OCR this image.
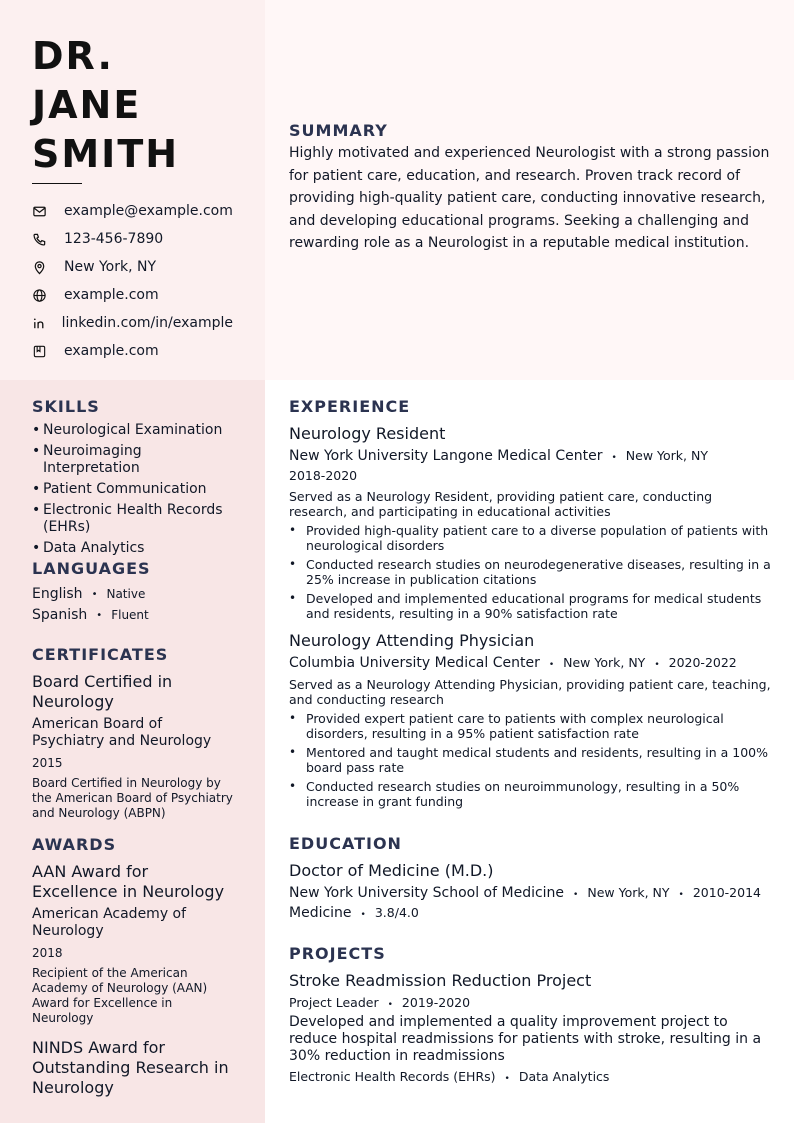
DR.
JANE
SMITH
example@example.com
123-456-7890
New York, NY
example.com
linkedin.com/in/example
example.com
SUMMARY

Highly motivated and experienced Neurologist with a strong passion for patient care, education, and research. Proven track record of providing high-quality patient care, conducting innovative research, and developing educational programs. Seeking a challenging and rewarding role as a Neurologist in a reputable medical institution.

SKILLS
• Neurological Examination
• Neuroimaging Interpretation
• Patient Communication
• Electronic Health Records (EHRs)
• Data Analytics
LANGUAGES
English • Native
Spanish • Fluent
CERTIFICATES
Board Certified in Neurology
American Board of Psychiatry and Neurology
2015
Board Certified in Neurology by the American Board of Psychiatry and Neurology (ABPN)
AWARDS
AAN Award for Excellence in Neurology
American Academy of Neurology
2018
Recipient of the American Academy of Neurology (AAN) Award for Excellence in Neurology
NINDS Award for Outstanding Research in Neurology
EXPERIENCE
Neurology Resident
New York University Langone Medical Center • New York, NY
2018-2020
Served as a Neurology Resident, providing patient care, conducting research, and participating in educational activities
• Provided high-quality patient care to a diverse population of patients with neurological disorders
• Conducted research studies on neurodegenerative diseases, resulting in a 25% increase in publication citations
• Developed and implemented educational programs for medical students and residents, resulting in a 90% satisfaction rate
Neurology Attending Physician
Columbia University Medical Center • New York, NY • 2020-2022
Served as a Neurology Attending Physician, providing patient care, teaching, and conducting research
• Provided expert patient care to patients with complex neurological disorders, resulting in a 95% patient satisfaction rate
• Mentored and taught medical students and residents, resulting in a 100% board pass rate
• Conducted research studies on neuroimmunology, resulting in a 50% increase in grant funding
EDUCATION
Doctor of Medicine (M.D.)
New York University School of Medicine • New York, NY • 2010-2014
Medicine • 3.8/4.0
PROJECTS
Stroke Readmission Reduction Project
Project Leader • 2019-2020
Developed and implemented a quality improvement project to reduce hospital readmissions for patients with stroke, resulting in a 30% reduction in readmissions
Electronic Health Records (EHRs) • Data Analytics
